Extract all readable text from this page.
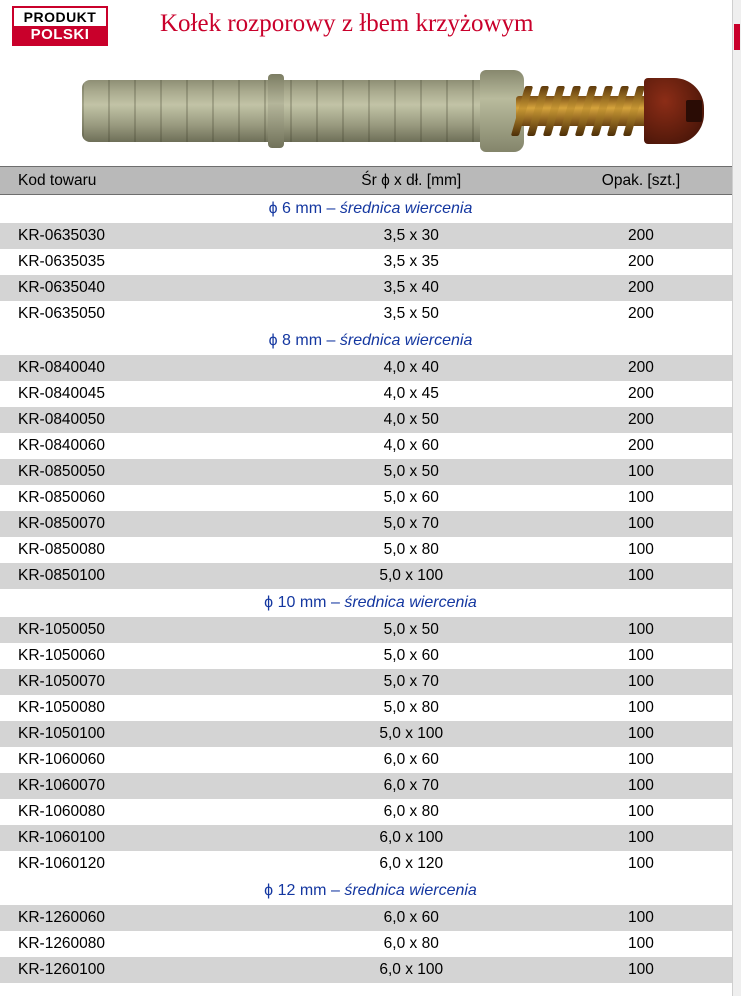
PRODUKT
POLSKI	Kołek rozporowy z łbem krzyżowym
Kod towaru	Śr ϕ x dł. [mm]	Opak. [szt.]
ϕ 6 mm – średnica wiercenia		
KR-0635030	3,5 x 30	200
KR-0635035	3,5 x 35	200
KR-0635040	3,5 x 40	200
KR-0635050	3,5 x 50	200
ϕ 8 mm – średnica wiercenia		
KR-0840040	4,0 x 40	200
KR-0840045	4,0 x 45	200
KR-0840050	4,0 x 50	200
KR-0840060	4,0 x 60	200
KR-0850050	5,0 x 50	100
KR-0850060	5,0 x 60	100
KR-0850070	5,0 x 70	100
KR-0850080	5,0 x 80	100
KR-0850100	5,0 x 100	100
ϕ 10 mm – średnica wiercenia		
KR-1050050	5,0 x 50	100
KR-1050060	5,0 x 60	100
KR-1050070	5,0 x 70	100
KR-1050080	5,0 x 80	100
KR-1050100	5,0 x 100	100
KR-1060060	6,0 x 60	100
KR-1060070	6,0 x 70	100
KR-1060080	6,0 x 80	100
KR-1060100	6,0 x 100	100
KR-1060120	6,0 x 120	100
ϕ 12 mm – średnica wiercenia		
KR-1260060	6,0 x 60	100
KR-1260080	6,0 x 80	100
KR-1260100	6,0 x 100	100
